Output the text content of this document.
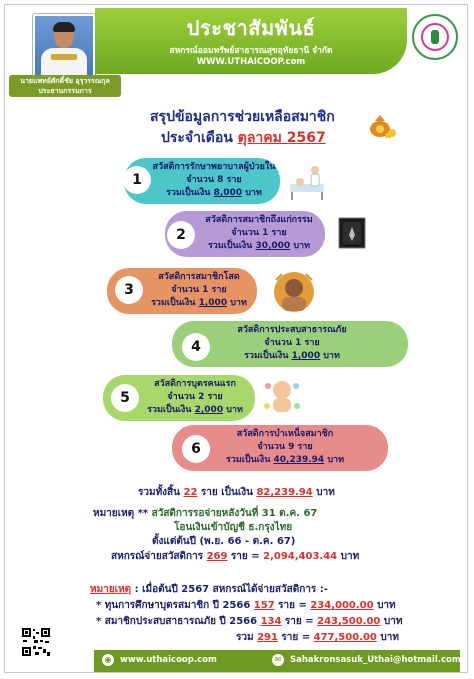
นายแพทย์ศักดิ์ชัย อุรุวรรณกุล
ประธานกรรมการ
ประชาสัมพันธ์
สหกรณ์ออมทรัพย์สาธารณสุขอุทัยธานี จำกัด
WWW.UTHAICOOP.com
สรุปข้อมูลการช่วยเหลือสมาชิก
ประจำเดือน ตุลาคม 2567
1
สวัสดิการรักษาพยาบาลผู้ป่วยใน
จำนวน 8 ราย
รวมเป็นเงิน 8,000 บาท
2
สวัสดิการสมาชิกถึงแก่กรรม
จำนวน 1 ราย
รวมเป็นเงิน 30,000 บาท
3
สวัสดิการสมาชิกโสด
จำนวน 1 ราย
รวมเป็นเงิน 1,000 บาท
4
สวัสดิการประสบสาธารณภัย
จำนวน 1 ราย
รวมเป็นเงิน 1,000 บาท
5
สวัสดิการบุตรคนแรก
จำนวน 2 ราย
รวมเป็นเงิน 2,000 บาท
6
สวัสดิการบำเหน็จสมาชิก
จำนวน 9 ราย
รวมเป็นเงิน 40,239.94 บาท
รวมทั้งสิ้น 22 ราย เป็นเงิน 82,239.94 บาท
หมายเหตุ ** สวัสดิการรอจ่ายหลังวันที่ 31 ต.ค. 67
โอนเงินเข้าบัญชี ธ.กรุงไทย
ตั้งแต่ต้นปี (พ.ย. 66 - ต.ค. 67)
สหกรณ์จ่ายสวัสดิการ 269 ราย = 2,094,403.44 บาท
หมายเหตุ : เมื่อต้นปี 2567 สหกรณ์ได้จ่ายสวัสดิการ :-
* ทุนการศึกษาบุตรสมาชิก ปี 2566 157 ราย = 234,000.00 บาท
* สมาชิกประสบสาธารณภัย ปี 2566 134 ราย = 243,500.00 บาท
รวม 291 ราย = 477,500.00 บาท
◉ www.uthaicoop.com	✉	Sahakronsasuk_Uthai@hotmail.com
